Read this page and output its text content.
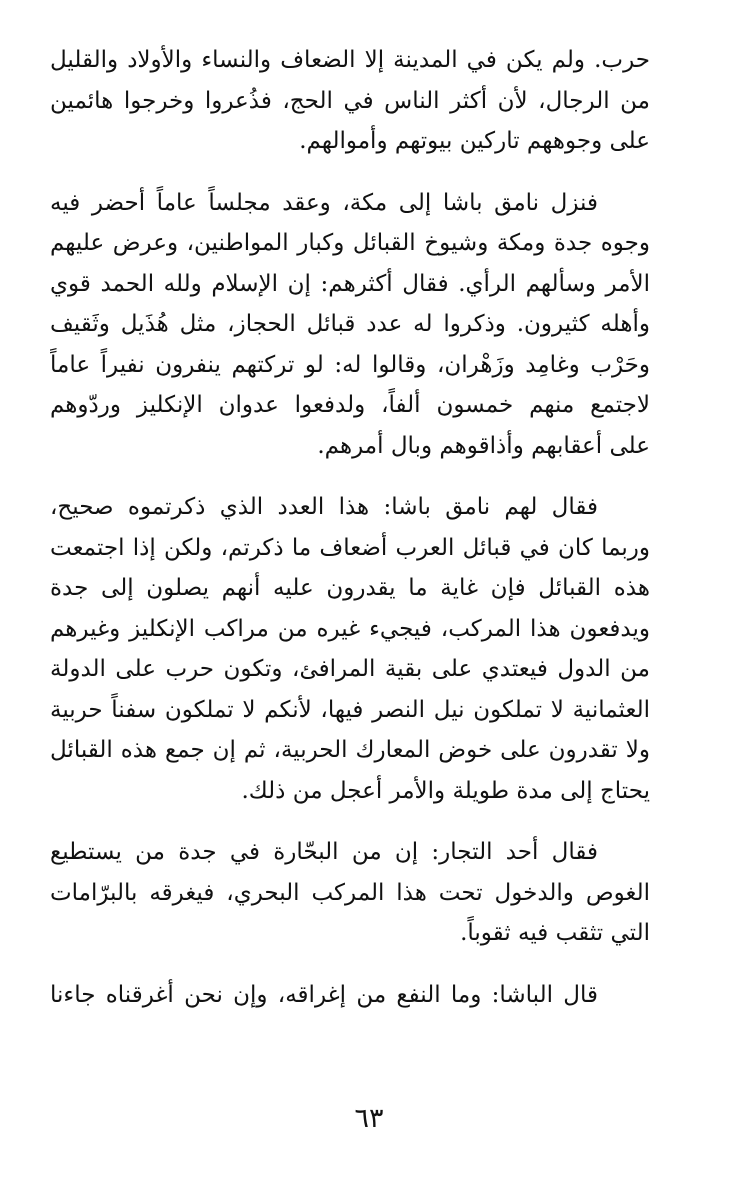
حرب. ولم يكن في المدينة إلا الضعاف والنساء والأولاد والقليل
من الرجال، لأن أكثر الناس في الحج، فذُعروا وخرجوا هائمين
على وجوههم تاركين بيوتهم وأموالهم.

فنزل نامق باشا إلى مكة، وعقد مجلساً عاماً أحضر فيه
وجوه جدة ومكة وشيوخ القبائل وكبار المواطنين، وعرض عليهم
الأمر وسألهم الرأي. فقال أكثرهم: إن الإسلام ولله الحمد قوي
وأهله كثيرون. وذكروا له عدد قبائل الحجاز، مثل هُذَيل وثَقيف
وحَرْب وغامِد وزَهْران، وقالوا له: لو تركتهم ينفرون نفيراً عاماً
لاجتمع منهم خمسون ألفاً، ولدفعوا عدوان الإنكليز وردّوهم
على أعقابهم وأذاقوهم وبال أمرهم.

فقال لهم نامق باشا: هذا العدد الذي ذكرتموه صحيح،
وربما كان في قبائل العرب أضعاف ما ذكرتم، ولكن إذا اجتمعت
هذه القبائل فإن غاية ما يقدرون عليه أنهم يصلون إلى جدة
ويدفعون هذا المركب، فيجيء غيره من مراكب الإنكليز وغيرهم
من الدول فيعتدي على بقية المرافئ، وتكون حرب على الدولة
العثمانية لا تملكون نيل النصر فيها، لأنكم لا تملكون سفناً حربية
ولا تقدرون على خوض المعارك الحربية، ثم إن جمع هذه القبائل
يحتاج إلى مدة طويلة والأمر أعجل من ذلك.

فقال أحد التجار: إن من البحّارة في جدة من يستطيع
الغوص والدخول تحت هذا المركب البحري، فيغرقه بالبرّامات
التي تثقب فيه ثقوباً.

قال الباشا: وما النفع من إغراقه، وإن نحن أغرقناه جاءنا

٦٣
